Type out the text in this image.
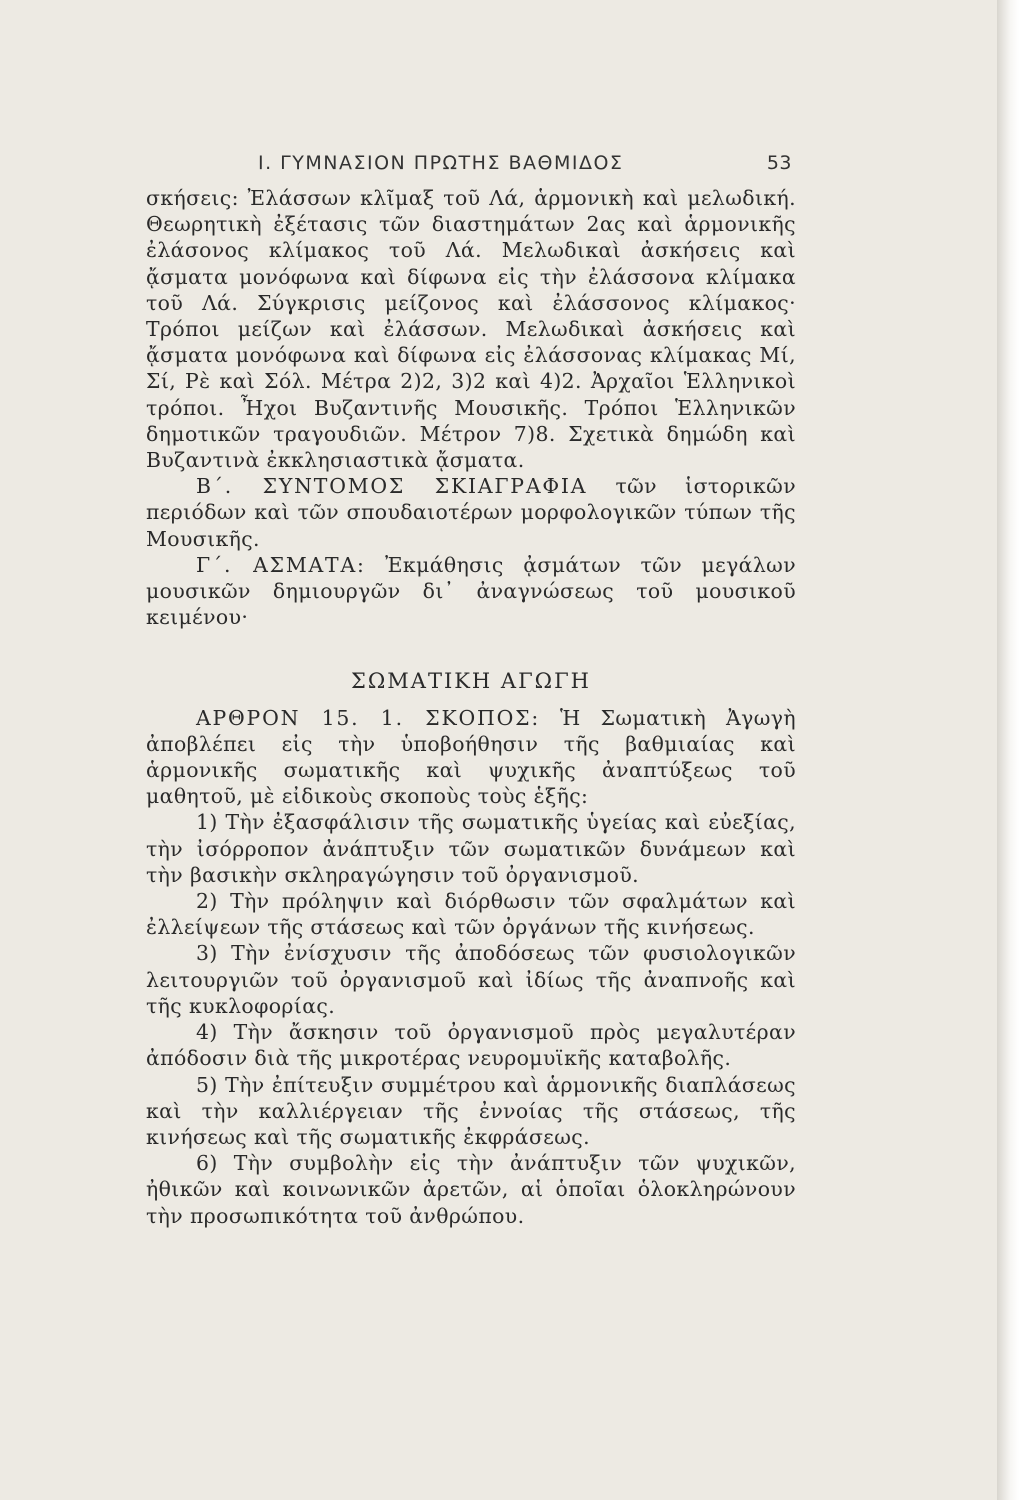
Ι. ΓΥΜΝΑΣΙΟΝ ΠΡΩΤΗΣ ΒΑΘΜΙΔΟΣ	53

σκήσεις: Ἐλάσσων κλῖμαξ τοῦ Λά, ἁρμονικὴ καὶ μελωδική. Θεωρητικὴ ἐξέτασις τῶν διαστημάτων 2ας καὶ ἁρμονικῆς ἐλάσονος κλίμακος τοῦ Λά. Μελωδικαὶ ἀσκήσεις καὶ ᾄσματα μονόφωνα καὶ δίφωνα εἰς τὴν ἐλάσσονα κλίμακα τοῦ Λά. Σύγκρισις μείζονος καὶ ἐλάσσονος κλίμακος· Τρόποι μείζων καὶ ἐλάσσων. Μελωδικαὶ ἀσκήσεις καὶ ᾄσματα μονόφωνα καὶ δίφωνα εἰς ἐλάσσονας κλίμακας Μί, Σί, Ρὲ καὶ Σόλ. Μέτρα 2)2, 3)2 καὶ 4)2. Ἀρχαῖοι Ἑλληνικοὶ τρόποι. Ἦχοι Βυζαντινῆς Μουσικῆς. Τρόποι Ἑλληνικῶν δημοτικῶν τραγουδιῶν. Μέτρον 7)8. Σχετικὰ δημώδη καὶ Βυζαντινὰ ἐκκλησιαστικὰ ᾄσματα.

Β΄. ΣΥΝΤΟΜΟΣ ΣΚΙΑΓΡΑΦΙΑ τῶν ἱστορικῶν περιόδων καὶ τῶν σπουδαιοτέρων μορφολογικῶν τύπων τῆς Μουσικῆς.

Γ΄. ΑΣΜΑΤΑ: Ἐκμάθησις ᾀσμάτων τῶν μεγάλων μουσικῶν δημιουργῶν δι᾿ ἀναγνώσεως τοῦ μουσικοῦ κειμένου·

ΣΩΜΑΤΙΚΗ ΑΓΩΓΗ

ΑΡΘΡΟΝ 15. 1. ΣΚΟΠΟΣ: Ἡ Σωματικὴ Ἀγωγὴ ἀποβλέπει εἰς τὴν ὑποβοήθησιν τῆς βαθμιαίας καὶ ἁρμονικῆς σωματικῆς καὶ ψυχικῆς ἀναπτύξεως τοῦ μαθητοῦ, μὲ εἰδικοὺς σκοποὺς τοὺς ἑξῆς:

1) Τὴν ἐξασφάλισιν τῆς σωματικῆς ὑγείας καὶ εὐεξίας, τὴν ἰσόρροπον ἀνάπτυξιν τῶν σωματικῶν δυνάμεων καὶ τὴν βασικὴν σκληραγώγησιν τοῦ ὀργανισμοῦ.

2) Τὴν πρόληψιν καὶ διόρθωσιν τῶν σφαλμάτων καὶ ἐλλείψεων τῆς στάσεως καὶ τῶν ὀργάνων τῆς κινήσεως.

3) Τὴν ἐνίσχυσιν τῆς ἀποδόσεως τῶν φυσιολογικῶν λειτουργιῶν τοῦ ὀργανισμοῦ καὶ ἰδίως τῆς ἀναπνοῆς καὶ τῆς κυκλοφορίας.

4) Τὴν ἄσκησιν τοῦ ὀργανισμοῦ πρὸς μεγαλυτέραν ἀπόδοσιν διὰ τῆς μικροτέρας νευρομυϊκῆς καταβολῆς.

5) Τὴν ἐπίτευξιν συμμέτρου καὶ ἁρμονικῆς διαπλάσεως καὶ τὴν καλλιέργειαν τῆς ἐννοίας τῆς στάσεως, τῆς κινήσεως καὶ τῆς σωματικῆς ἐκφράσεως.

6) Τὴν συμβολὴν εἰς τὴν ἀνάπτυξιν τῶν ψυχικῶν, ἠθικῶν καὶ κοινωνικῶν ἀρετῶν, αἱ ὁποῖαι ὁλοκληρώνουν τὴν προσωπικότητα τοῦ ἀνθρώπου.
